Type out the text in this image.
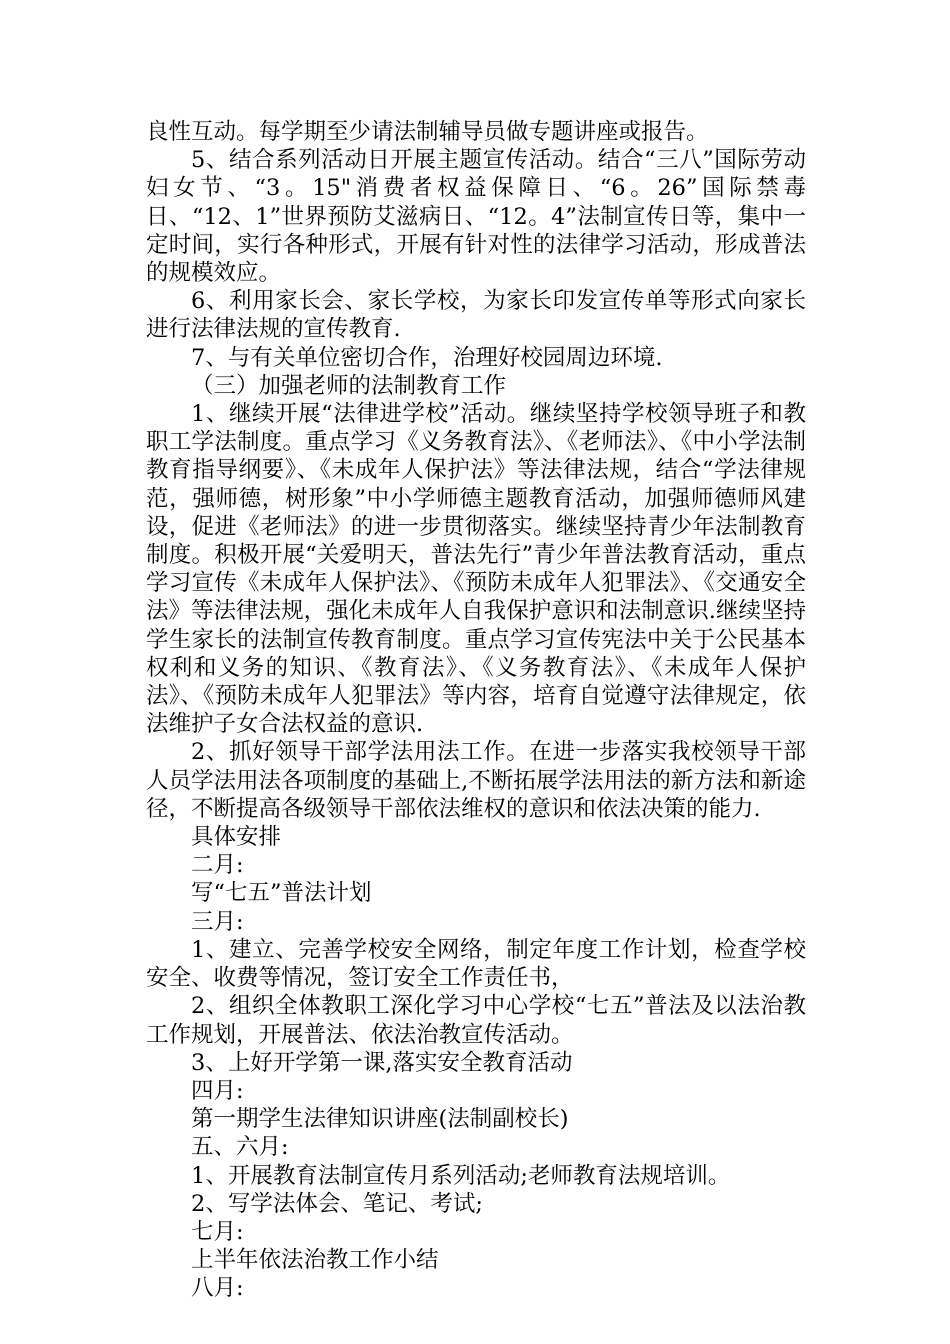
良性互动。每学期至少请法制辅导员做专题讲座或报告。

5、结合系列活动日开展主题宣传活动。结合“三八”国际劳动妇女节、“3。15"消费者权益保障日、“6。26”国际禁毒日、“12、1”世界预防艾滋病日、“12。4”法制宣传日等，集中一定时间，实行各种形式，开展有针对性的法律学习活动，形成普法的规模效应。

6、利用家长会、家长学校，为家长印发宣传单等形式向家长进行法律法规的宣传教育.

7、与有关单位密切合作，治理好校园周边环境.

（三）加强老师的法制教育工作

1、继续开展“法律进学校”活动。继续坚持学校领导班子和教职工学法制度。重点学习《义务教育法》、《老师法》、《中小学法制教育指导纲要》、《未成年人保护法》等法律法规，结合“学法律规范，强师德，树形象”中小学师德主题教育活动，加强师德师风建设，促进《老师法》的进一步贯彻落实。继续坚持青少年法制教育制度。积极开展“关爱明天，普法先行”青少年普法教育活动，重点学习宣传《未成年人保护法》、《预防未成年人犯罪法》、《交通安全法》等法律法规，强化未成年人自我保护意识和法制意识.继续坚持学生家长的法制宣传教育制度。重点学习宣传宪法中关于公民基本权利和义务的知识、《教育法》、《义务教育法》、《未成年人保护法》、《预防未成年人犯罪法》等内容，培育自觉遵守法律规定，依法维护子女合法权益的意识.

2、抓好领导干部学法用法工作。在进一步落实我校领导干部人员学法用法各项制度的基础上,不断拓展学法用法的新方法和新途径，不断提高各级领导干部依法维权的意识和依法决策的能力.

具体安排

二月:

写“七五”普法计划

三月:

1、建立、完善学校安全网络，制定年度工作计划，检查学校安全、收费等情况，签订安全工作责任书，

2、组织全体教职工深化学习中心学校“七五”普法及以法治教工作规划，开展普法、依法治教宣传活动。

3、上好开学第一课,落实安全教育活动

四月:

第一期学生法律知识讲座(法制副校长)

五、六月:

1、开展教育法制宣传月系列活动;老师教育法规培训。

2、写学法体会、笔记、考试;

七月:

上半年依法治教工作小结

八月:
